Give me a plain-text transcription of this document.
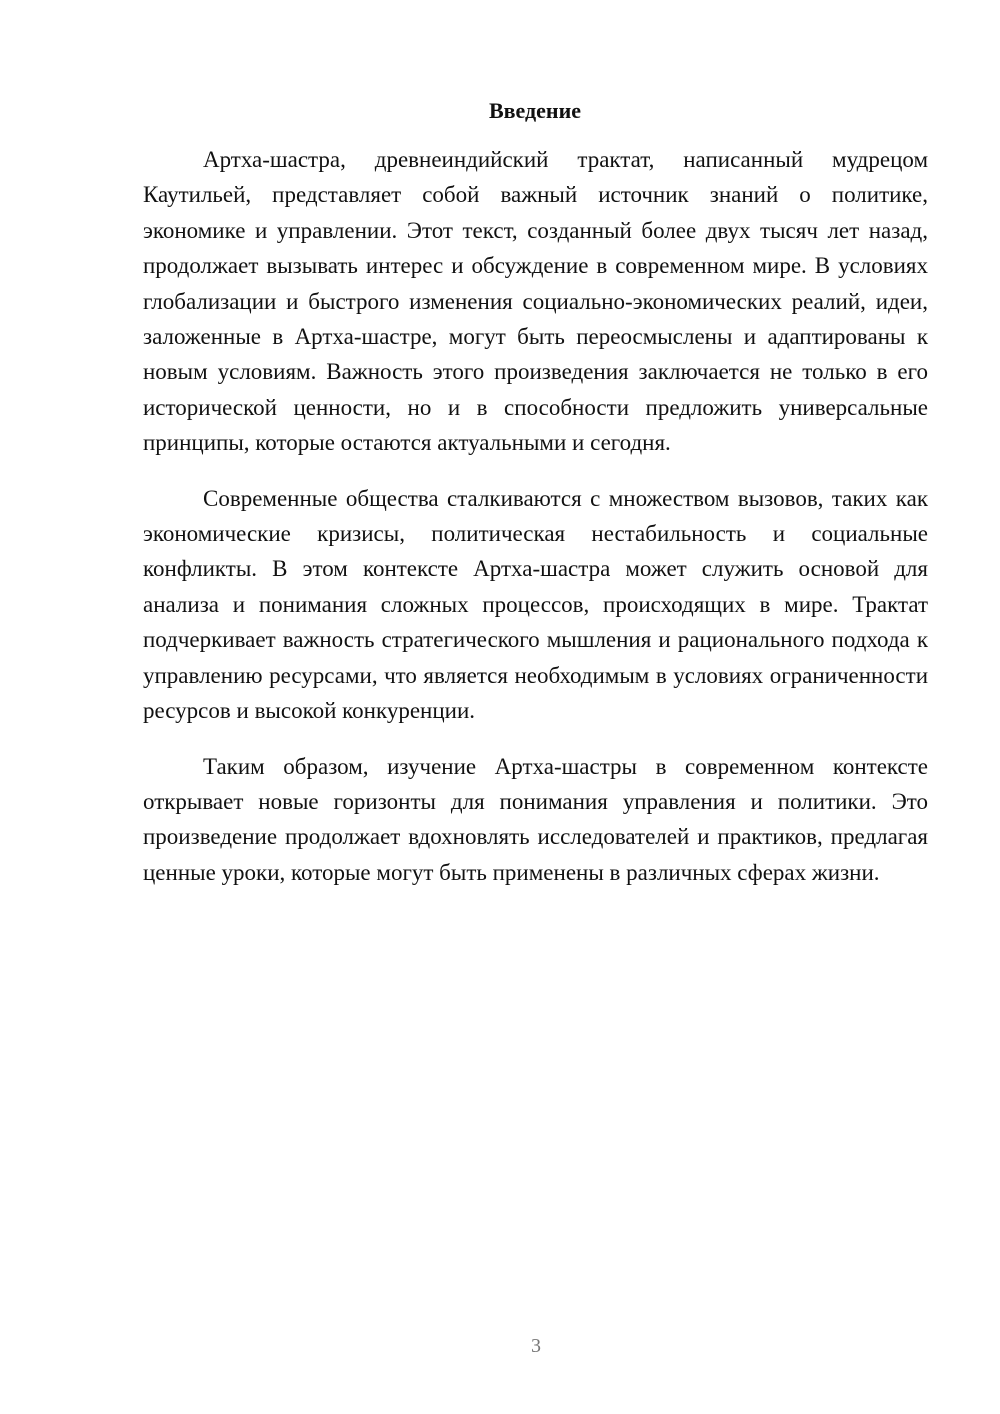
Введение

Артха-шастра, древнеиндийский трактат, написанный мудрецом Каутильей, представляет собой важный источник знаний о политике, экономике и управлении. Этот текст, созданный более двух тысяч лет назад, продолжает вызывать интерес и обсуждение в современном мире. В условиях глобализации и быстрого изменения социально-экономических реалий, идеи, заложенные в Артха-шастре, могут быть переосмыслены и адаптированы к новым условиям. Важность этого произведения заключается не только в его исторической ценности, но и в способности предложить универсальные принципы, которые остаются актуальными и сегодня.

Современные общества сталкиваются с множеством вызовов, таких как экономические кризисы, политическая нестабильность и социальные конфликты. В этом контексте Артха-шастра может служить основой для анализа и понимания сложных процессов, происходящих в мире. Трактат подчеркивает важность стратегического мышления и рационального подхода к управлению ресурсами, что является необходимым в условиях ограниченности ресурсов и высокой конкуренции.

Таким образом, изучение Артха-шастры в современном контексте открывает новые горизонты для понимания управления и политики. Это произведение продолжает вдохновлять исследователей и практиков, предлагая ценные уроки, которые могут быть применены в различных сферах жизни.

3
